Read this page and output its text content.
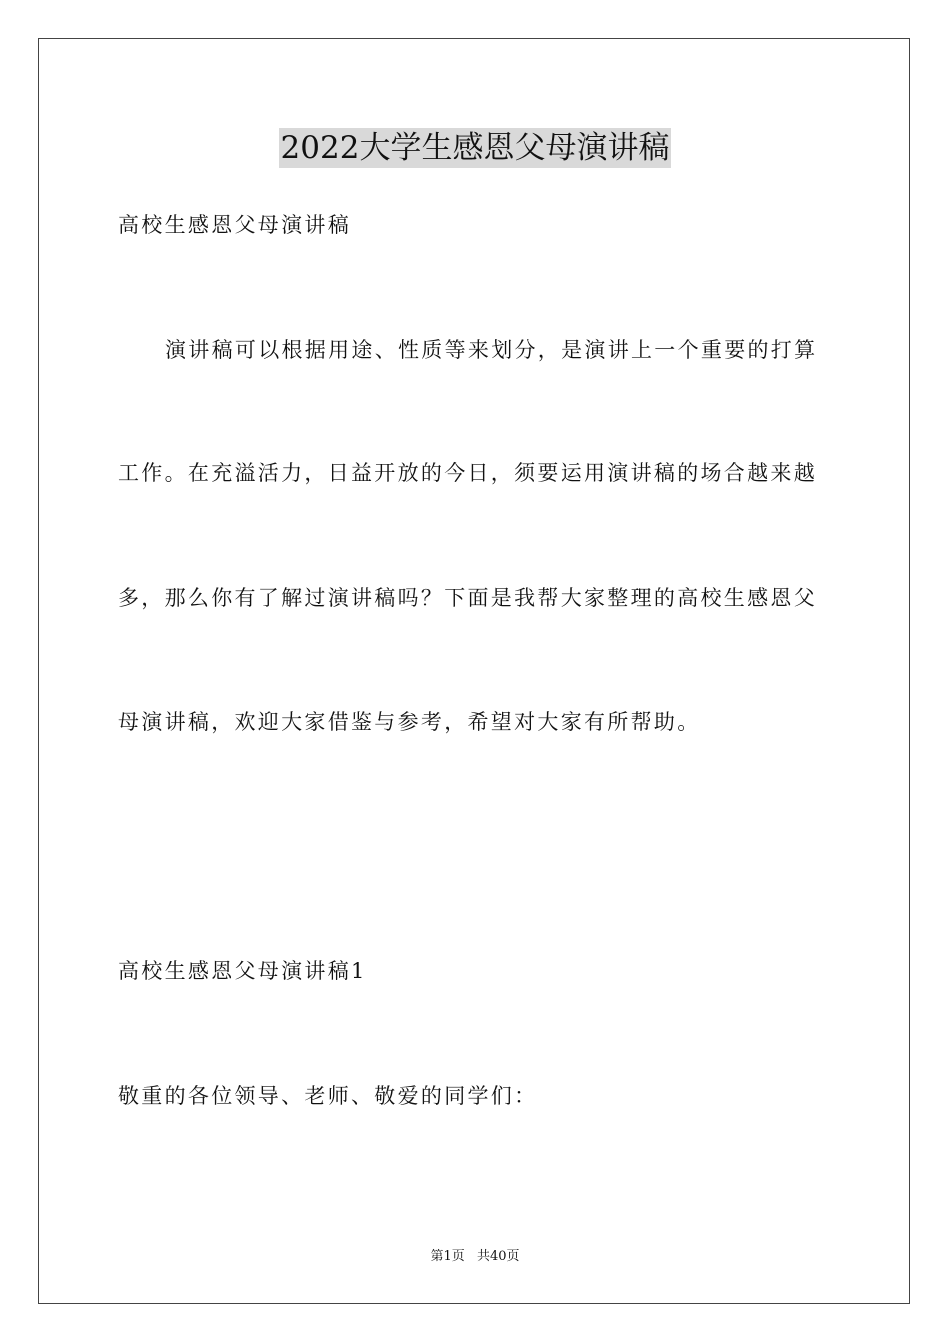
2022大学生感恩父母演讲稿
高校生感恩父母演讲稿
演讲稿可以根据用途、性质等来划分，是演讲上一个重要的打算
工作。在充溢活力，日益开放的今日，须要运用演讲稿的场合越来越
多，那么你有了解过演讲稿吗？下面是我帮大家整理的高校生感恩父
母演讲稿，欢迎大家借鉴与参考，希望对大家有所帮助。
高校生感恩父母演讲稿1
敬重的各位领导、老师、敬爱的同学们：
第1页 共40页
